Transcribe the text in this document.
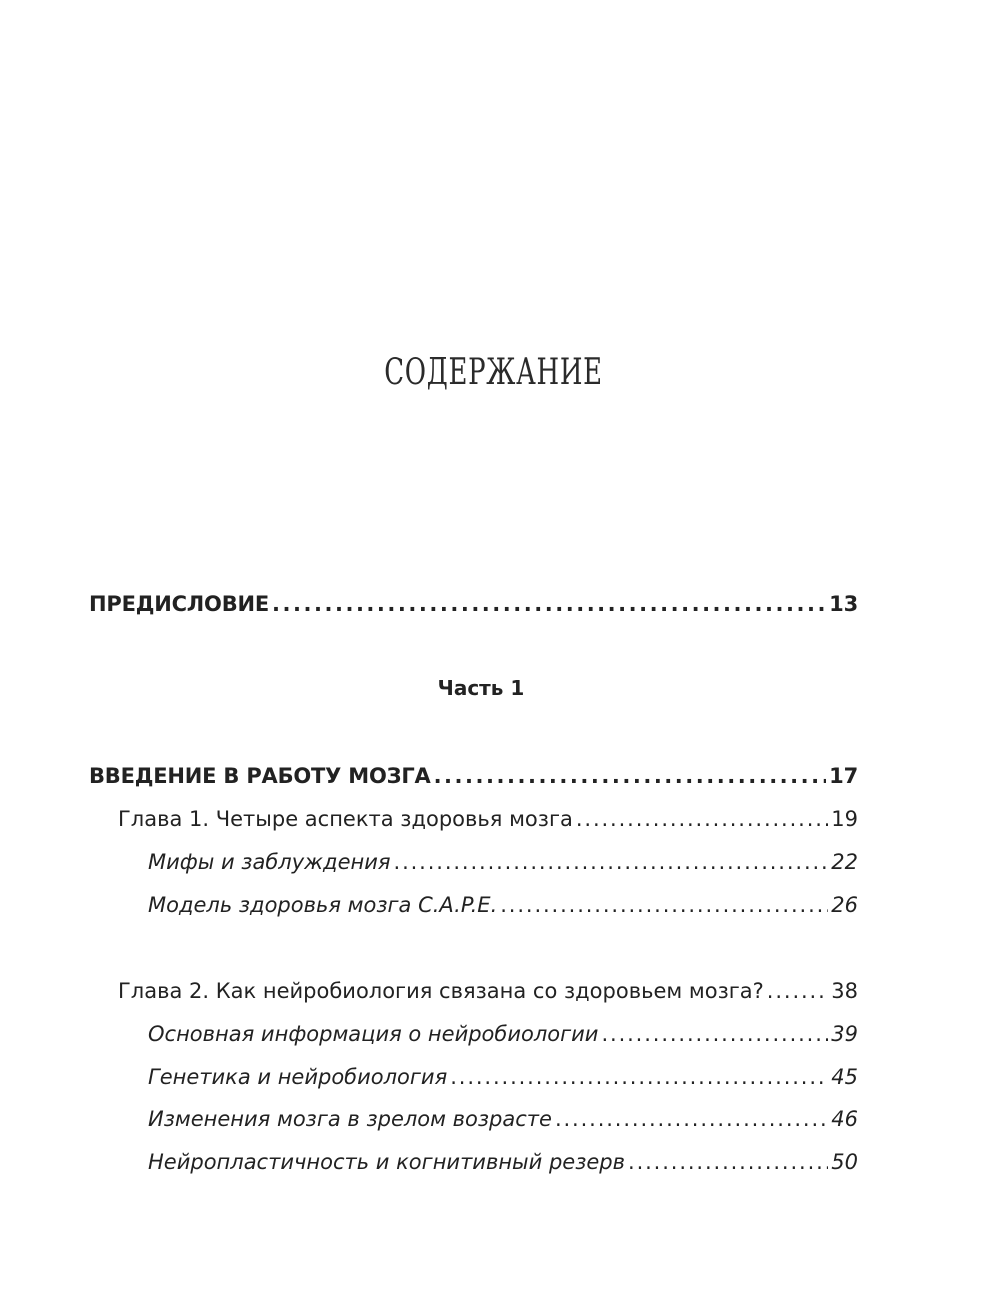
СОДЕРЖАНИЕ
ПРЕДИСЛОВИЕ . . .	13
Часть 1
ВВЕДЕНИЕ В РАБОТУ МОЗГА . . .	17
Глава 1. Четыре аспекта здоровья мозга . . .	19
Мифы и заблуждения . . .	22
Модель здоровья мозга C.A.P.E. . . .	26
Глава 2. Как нейробиология связана со здоровьем мозга? . . .	38
Основная информация о нейробиологии . . .	39
Генетика и нейробиология . . .	45
Изменения мозга в зрелом возрасте . . .	46
Нейропластичность и когнитивный резерв . . .	50
